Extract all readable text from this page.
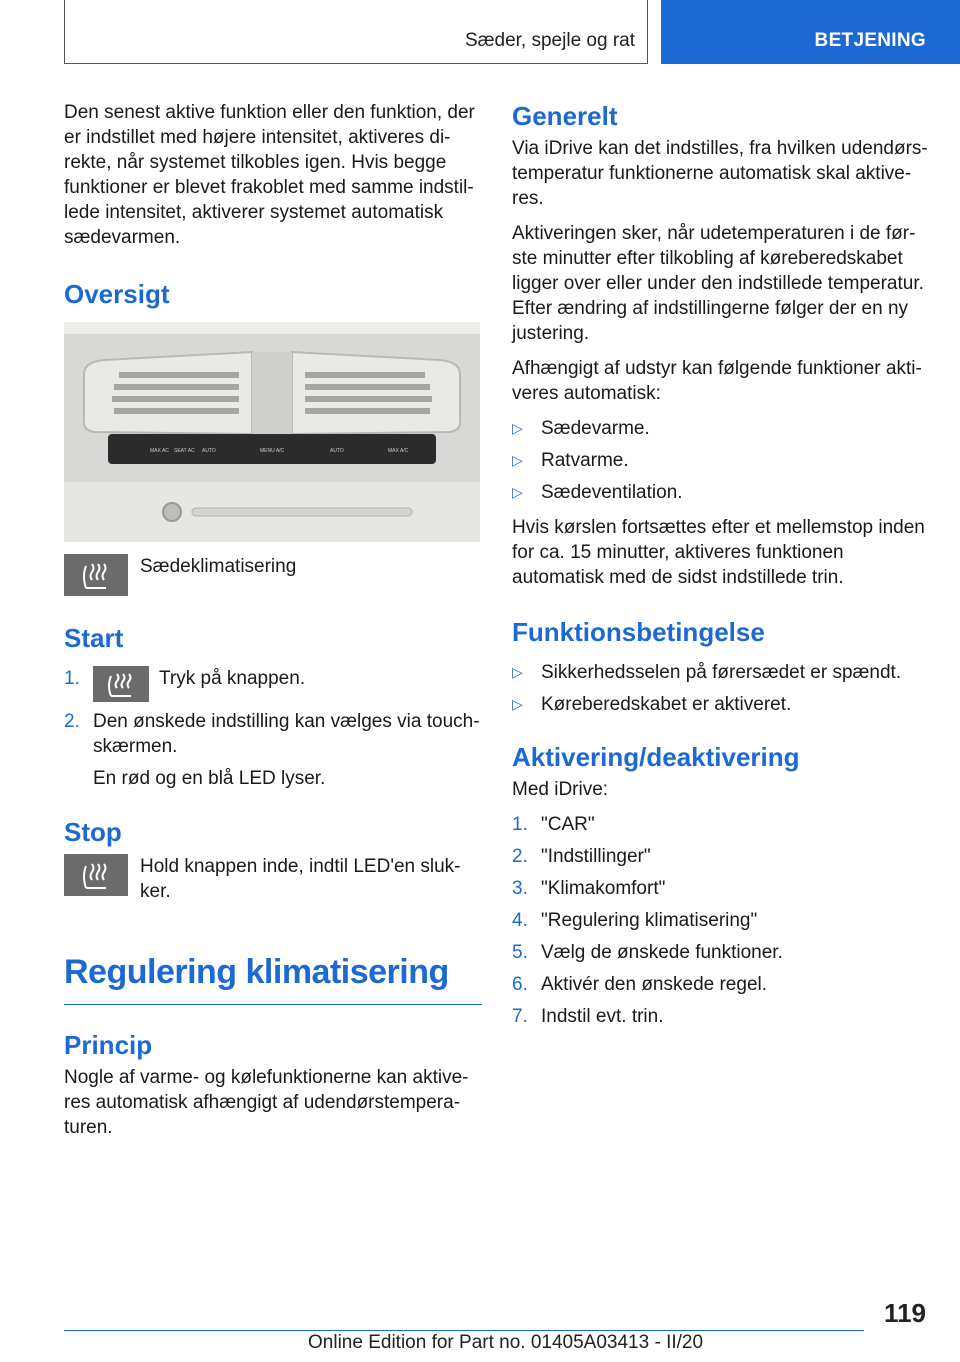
Sæder, spejle og rat	BETJENING

Den senest aktive funktion eller den funktion, der er indstillet med højere intensitet, aktiveres direkte, når systemet tilkobles igen. Hvis begge funktioner er blevet frakoblet med samme indstillede intensitet, aktiverer systemet automatisk sædevarmen.

Oversigt
MAX AC SEAT AC AUTO	MENU A/C	AUTO	MAX A/C
Sædeklimatisering
Start
1.	Tryk på knappen.
2. Den ønskede indstilling kan vælges via touchskærmen.

En rød og en blå LED lyser.

Stop
Hold knappen inde, indtil LED'en slukker.
Regulering klimatisering
Princip

Nogle af varme- og kølefunktionerne kan aktiveres automatisk afhængigt af udendørstemperaturen.

Generelt

Via iDrive kan det indstilles, fra hvilken udendørstemperatur funktionerne automatisk skal aktiveres.

Aktiveringen sker, når udetemperaturen i de første minutter efter tilkobling af køreberedskabet ligger over eller under den indstillede temperatur. Efter ændring af indstillingerne følger der en ny justering.

Afhængigt af udstyr kan følgende funktioner aktiveres automatisk:

▷ Sædevarme.
▷ Ratvarme.
▷ Sædeventilation.

Hvis kørslen fortsættes efter et mellemstop inden for ca. 15 minutter, aktiveres funktionen automatisk med de sidst indstillede trin.

Funktionsbetingelse
▷ Sikkerhedsselen på førersædet er spændt.
▷ Køreberedskabet er aktiveret.
Aktivering/deaktivering

Med iDrive:

1. "CAR"
2. "Indstillinger"
3. "Klimakomfort"
4. "Regulering klimatisering"
5. Vælg de ønskede funktioner.
6. Aktivér den ønskede regel.
7. Indstil evt. trin.
119
Online Edition for Part no. 01405A03413 - II/20
